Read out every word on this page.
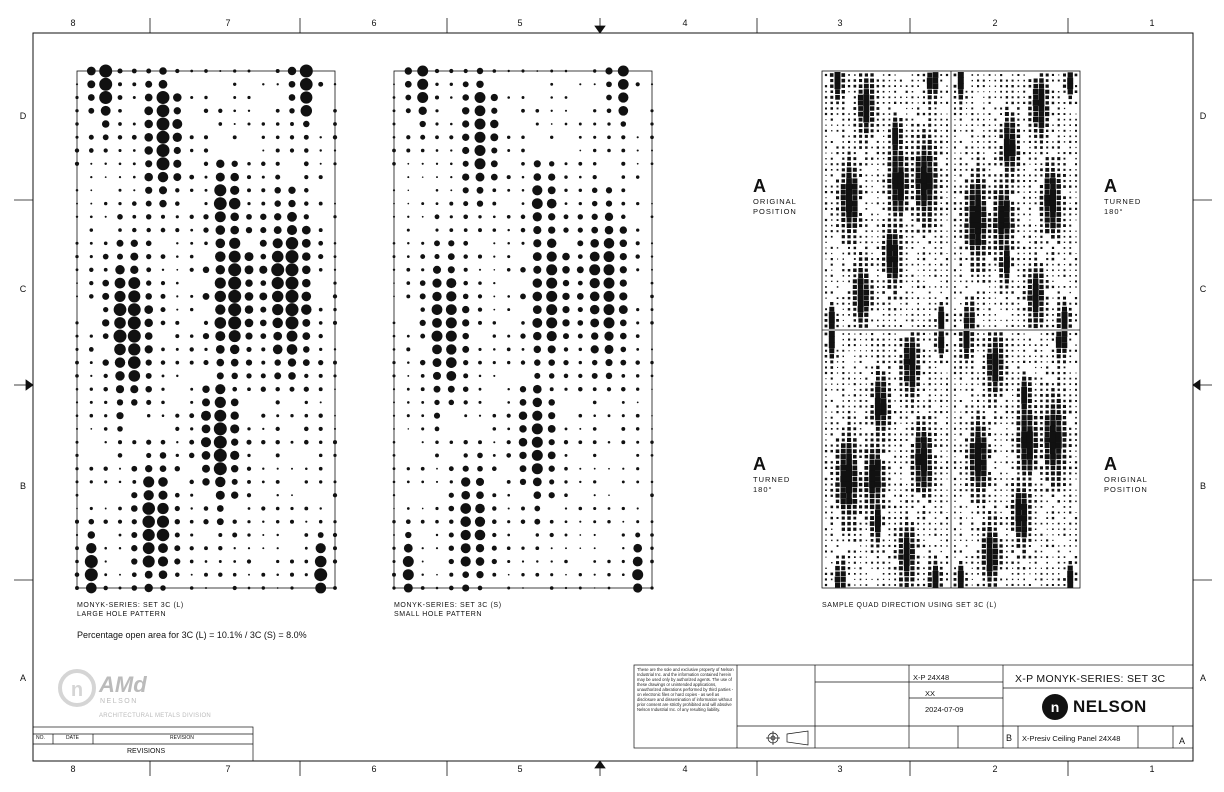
n
n
8	7	6	5	4	3	2	1
8	7	6	5	4	3	2	1
D
C
B
A
D
C
B
A
MONYK-SERIES: SET 3C (L)
LARGE HOLE PATTERN
MONYK-SERIES: SET 3C (S)
SMALL HOLE PATTERN
SAMPLE QUAD DIRECTION USING SET 3C (L)
Percentage open area for 3C (L) = 10.1% / 3C (S) = 8.0%
A
ORIGINAL
POSITION
A
TURNED
180°
A
TURNED
180°
A
ORIGINAL
POSITION
AMd
NELSON
ARCHITECTURAL METALS DIVISION
NO.	DATE	REVISION
REVISIONS
These are the sole and exclusive property of Nelson Industrial Inc. and the information contained herein may be used only by authorized agents. The use of these drawings or unintended applications, unauthorized alterations performed by third parties - on electronic files or hard copies - as well as disclosure and dissemination of information without prior consent are strictly prohibited and will absolve Nelson Industrial Inc. of any resulting liability.
X-P 24X48
XX
2024-07-09
X-P MONYK-SERIES: SET 3C
NELSON
B X-Presiv Ceiling Panel 24X48	A
